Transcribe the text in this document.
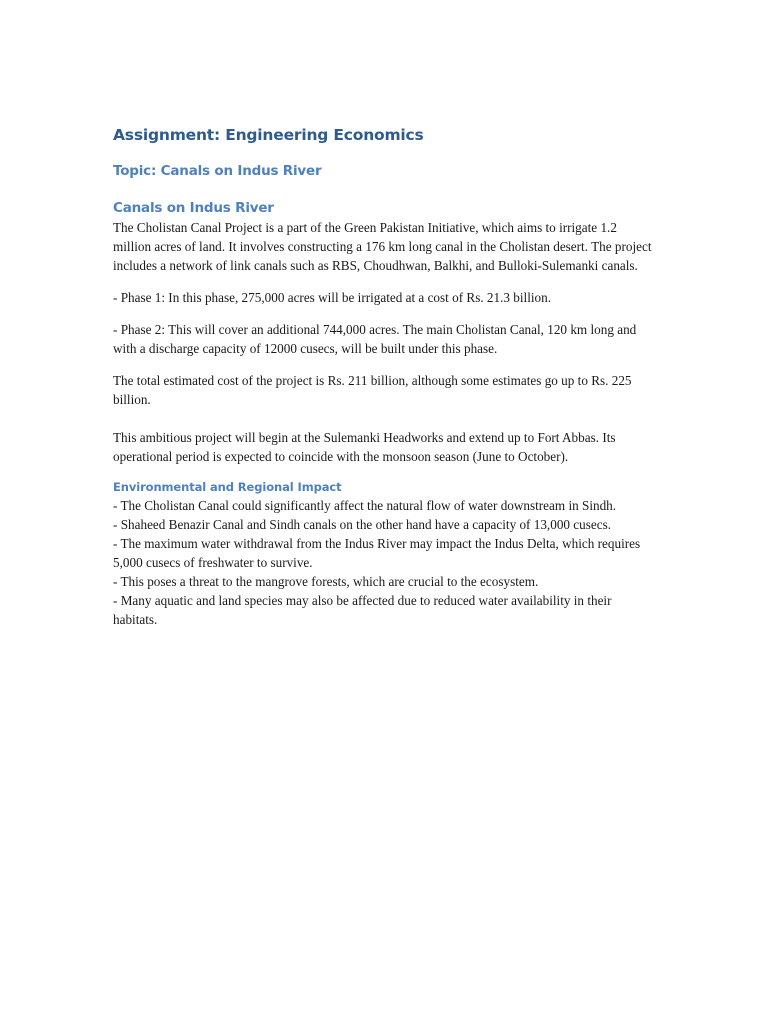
Assignment: Engineering Economics
Topic: Canals on Indus River
Canals on Indus River

The Cholistan Canal Project is a part of the Green Pakistan Initiative, which aims to irrigate 1.2 million acres of land. It involves constructing a 176 km long canal in the Cholistan desert. The project includes a network of link canals such as RBS, Choudhwan, Balkhi, and Bulloki-Sulemanki canals.

- Phase 1: In this phase, 275,000 acres will be irrigated at a cost of Rs. 21.3 billion.

- Phase 2: This will cover an additional 744,000 acres. The main Cholistan Canal, 120 km long and with a discharge capacity of 12000 cusecs, will be built under this phase.

The total estimated cost of the project is Rs. 211 billion, although some estimates go up to Rs. 225 billion.

This ambitious project will begin at the Sulemanki Headworks and extend up to Fort Abbas. Its operational period is expected to coincide with the monsoon season (June to October).

Environmental and Regional Impact

- The Cholistan Canal could significantly affect the natural flow of water downstream in Sindh.

- Shaheed Benazir Canal and Sindh canals on the other hand have a capacity of 13,000 cusecs.

- The maximum water withdrawal from the Indus River may impact the Indus Delta, which requires 5,000 cusecs of freshwater to survive.

- This poses a threat to the mangrove forests, which are crucial to the ecosystem.

- Many aquatic and land species may also be affected due to reduced water availability in their habitats.
